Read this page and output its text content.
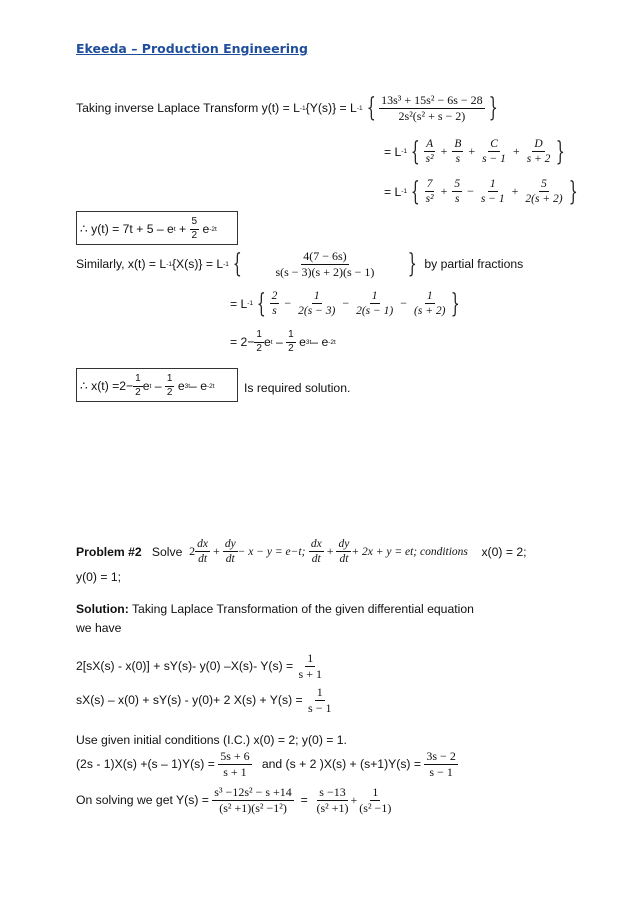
Ekeeda – Production Engineering
Taking inverse Laplace Transform y(t) = L -1 {Y(s)} = L -1 { $\frac{\text{13s³ + 15s² − 6s − 28}}{\text{2s²(s² + s − 2)}}$ }
= L -1 { $\frac{A}{\text{s²}} + \frac{B}{s} + \frac{C}{s - 1} + \frac{D}{s + 2}$ }
= L -1 { $\frac{7}{\text{s²}} + \frac{5}{s} - \frac{1}{s - 1} + \frac{5}{2(s + 2)}$ }
∴
y(t) = 7t + 5 – e t
+
$\frac{5}{2}$
e -2t
Similarly, x(t) = L -1 {X(s)} = L -1 {	$\frac{4(7 - 6s)}{s(s - 3)(s + 2)(s - 1)}$ }
by partial fractions
= L -1 { $\frac{2}{s} - \frac{1}{2(s - 3)} - \frac{1}{2(s - 1)} - \frac{1}{(s + 2)}$ }
= $2- \frac{1}{2}$ e t
–
$\frac{1}{2}$
e 3t – e -2t
∴
$x(t) =2- \frac{1}{2}$ e t
–
$\frac{1}{2}$
e 3t – e -2t Is required solution.
Problem #2
Solve
$2 \frac{dx}{dt} + \frac{dy}{dt} - x - y = e -t$ ;
$\frac{dx}{dt} + \frac{dy}{dt} + 2x + y = e$ t ; conditions
x(0) = 2;
y(0) = 1;
Solution: Taking Laplace Transformation of the given differential equation
we have
2[sX(s) - x(0)] + sY(s)- y(0) –X(s)- Y(s) =
$\frac{1}{s + 1}$
sX(s) – x(0) + sY(s) - y(0)+ 2 X(s) + Y(s) =
$\frac{1}{s - 1}$
Use given initial conditions (I.C.) x(0) = 2; y(0) = 1.
(2s - 1)X(s) +(s – 1)Y(s) =
$\frac{5s + 6}{s + 1}$
and (s + 2 )X(s) + (s+1)Y(s) =
$\frac{3s - 2}{s - 1}$
On solving we get Y(s) =
$\frac{\text{s³ −12s² − s +14}}{\text{(s² +1)(s² −1²)}}$
=
$\frac{s -13}{\text{(s² +1)}} + \frac{1}{\text{(s² −1)}}$
